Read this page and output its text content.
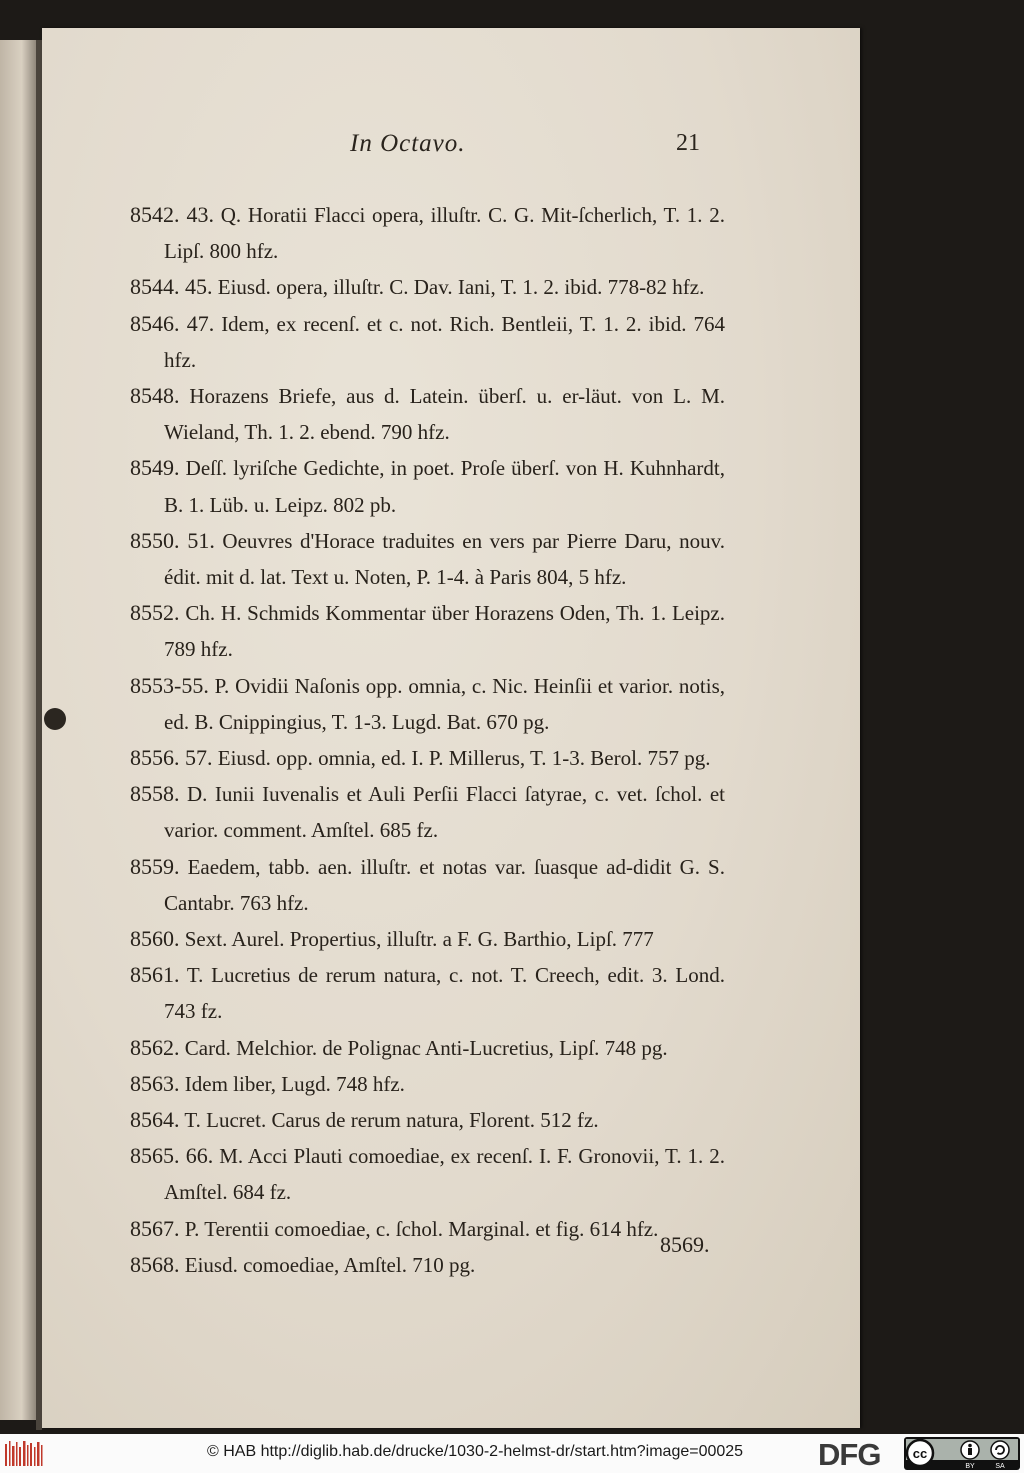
In Octavo.	21

8542. 43. Q. Horatii Flacci opera, illuſtr. C. G. Mit-ſcherlich, T. 1. 2. Lipſ. 800 hfz.

8544. 45. Eiusd. opera, illuſtr. C. Dav. Iani, T. 1. 2. ibid. 778-82 hfz.

8546. 47. Idem, ex recenſ. et c. not. Rich. Bentleii, T. 1. 2. ibid. 764 hfz.

8548. Horazens Briefe, aus d. Latein. überſ. u. er-läut. von L. M. Wieland, Th. 1. 2. ebend. 790 hfz.

8549. Deſſ. lyriſche Gedichte, in poet. Proſe überſ. von H. Kuhnhardt, B. 1. Lüb. u. Leipz. 802 pb.

8550. 51. Oeuvres d'Horace traduites en vers par Pierre Daru, nouv. édit. mit d. lat. Text u. Noten, P. 1-4. à Paris 804, 5 hfz.

8552. Ch. H. Schmids Kommentar über Horazens Oden, Th. 1. Leipz. 789 hfz.

8553-55. P. Ovidii Naſonis opp. omnia, c. Nic. Heinſii et varior. notis, ed. B. Cnippingius, T. 1-3. Lugd. Bat. 670 pg.

8556. 57. Eiusd. opp. omnia, ed. I. P. Millerus, T. 1-3. Berol. 757 pg.

8558. D. Iunii Iuvenalis et Auli Perſii Flacci ſatyrae, c. vet. ſchol. et varior. comment. Amſtel. 685 fz.

8559. Eaedem, tabb. aen. illuſtr. et notas var. ſuasque ad-didit G. S. Cantabr. 763 hfz.

8560. Sext. Aurel. Propertius, illuſtr. a F. G. Barthio, Lipſ. 777

8561. T. Lucretius de rerum natura, c. not. T. Creech, edit. 3. Lond. 743 fz.

8562. Card. Melchior. de Polignac Anti-Lucretius, Lipſ. 748 pg.

8563. Idem liber, Lugd. 748 hfz.

8564. T. Lucret. Carus de rerum natura, Florent. 512 fz.

8565. 66. M. Acci Plauti comoediae, ex recenſ. I. F. Gronovii, T. 1. 2. Amſtel. 684 fz.

8567. P. Terentii comoediae, c. ſchol. Marginal. et fig. 614 hfz.

8568. Eiusd. comoediae, Amſtel. 710 pg.

8569.
© HAB http://diglib.hab.de/drucke/1030-2-helmst-dr/start.htm?image=00025 DFG cc
BY	SA
